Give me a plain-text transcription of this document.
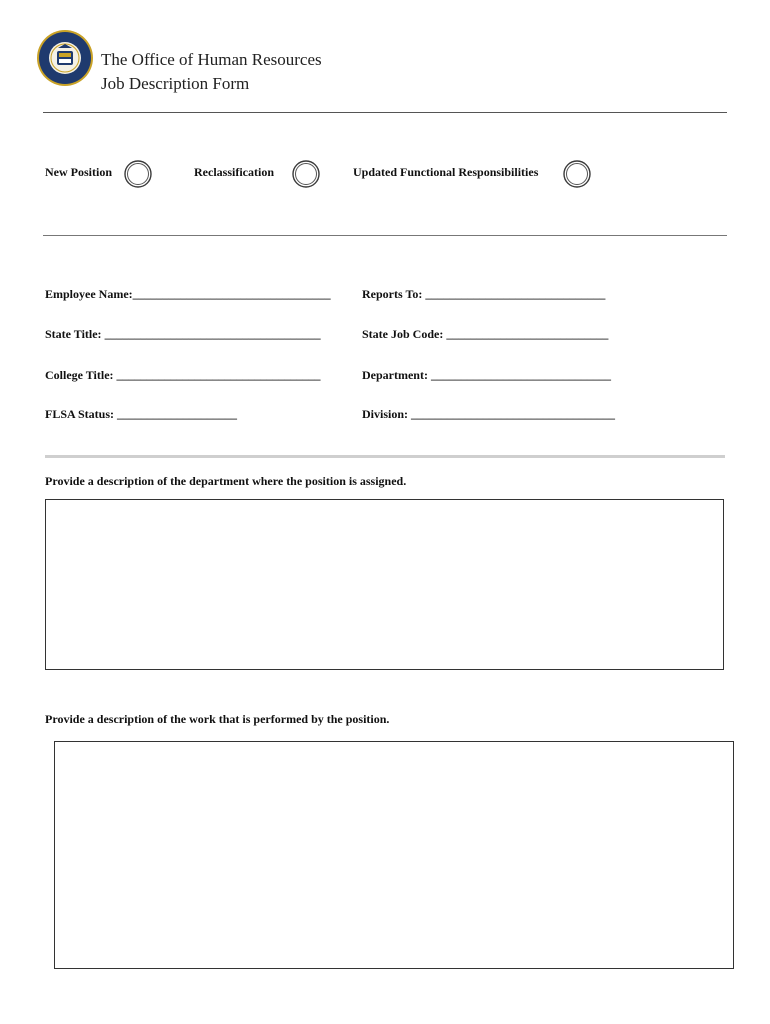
The Office of Human Resources
Job Description Form
New Position	Reclassification	Updated Functional Responsibilities
Employee Name:_________________________________	Reports To: ______________________________
State Title: ____________________________________	State Job Code: ___________________________
College Title: __________________________________	Department: ______________________________
FLSA Status: ____________________	Division: __________________________________
Provide a description of the department where the position is assigned.
Provide a description of the work that is performed by the position.
